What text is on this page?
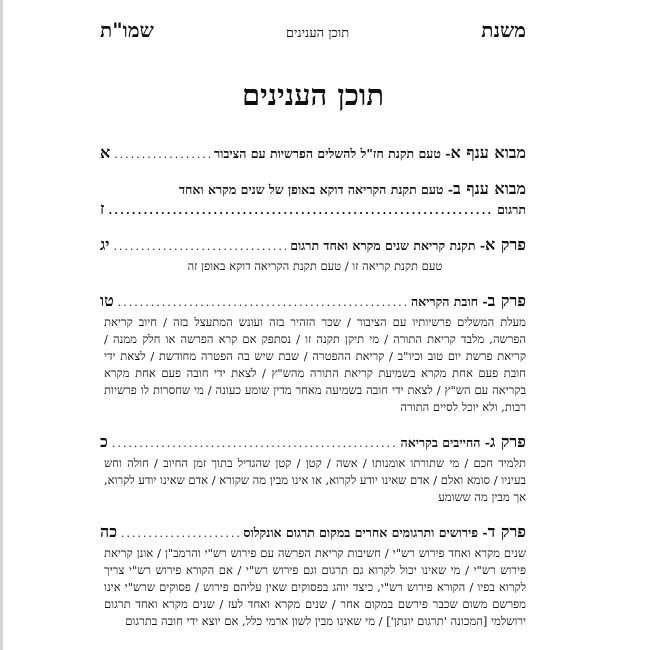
משנת
תוכן הענינים
שמו"ת
תוכן הענינים
מבוא ענף א
- טעם תקנת חז"ל להשלים הפרשיות עם הציבור
.....
א
מבוא ענף ב
- טעם תקנת הקריאה דוקא באופן של שנים מקרא ואחד
תרגום
.....
ז
פרק א
- תקנת קריאת שנים מקרא ואחד תרגום
.....
יג
טעם תקנת קריאה זו / טעם תקנת הקריאה דוקא באופן זה
פרק ב
- חובת הקריאה
.....
טו
מעלת המשלים פרשיותיו עם הציבור / שכר הזהיר בזה ועונש המתעצל בזה / חיוב קריאת הפרשה, מלבד קריאת התורה / מי תיקן תקנה זו / נסתפק אם קרא הפרשה או חלק ממנה / קריאת פרשת יום טוב וכיו"ב / קריאת ההפטרה / שבת שיש בה הפטרה מחודשת / לצאת ידי חובת פעם אחת מקרא בשמיעת קריאת התורה מהש"ץ / לצאת ידי חובה פעם אחת מקרא בקריאה עם הש"ץ / לצאת ידי חובה בשמיעה מאחר מדין שומע כעונה / מי שחסרות לו פרשיות רבות, ולא יוכל לסיים התורה
פרק ג
- החייבים בקריאה
.....
כ
תלמיד חכם / מי שתורתו אומנותו / אשה / קטן / קטן שהגדיל בתוך זמן החיוב / חולה וחש בעיניו / סומא ואלם / אדם שאינו יודע לקרוא, או אינו מבין מה שקורא / אדם שאינו יודע לקרוא, אך מבין מה ששומע
פרק ד
- פירושים ותרגומים אחרים במקום תרגום אונקלוס
.....
כה
שנים מקרא ואחד פירוש רש"י / חשיבות קריאת הפרשה עם פירוש רש"י והרמב"ן / אונן קריאת פירוש רש"י / מי שאינו יכול לקרוא גם תרגום וגם פירוש רש"י / אם הקורא פירוש רש"י צריך לקרוא בפיו / הקורא פירוש רש"י, כיצד יוהג בפסוקים שאין עליהם פירוש / פסוקים שרש"י אינו מפרשם משום שכבר פירשם במקום אחר / שנים מקרא ואחד לעז / שנים מקרא ואחד תרגום ירושלמי [המכונה 'תרגום יונתן'] / מי שאינו מבין לשון ארמי כלל, אם יוצא ידי חובה בתרגום
